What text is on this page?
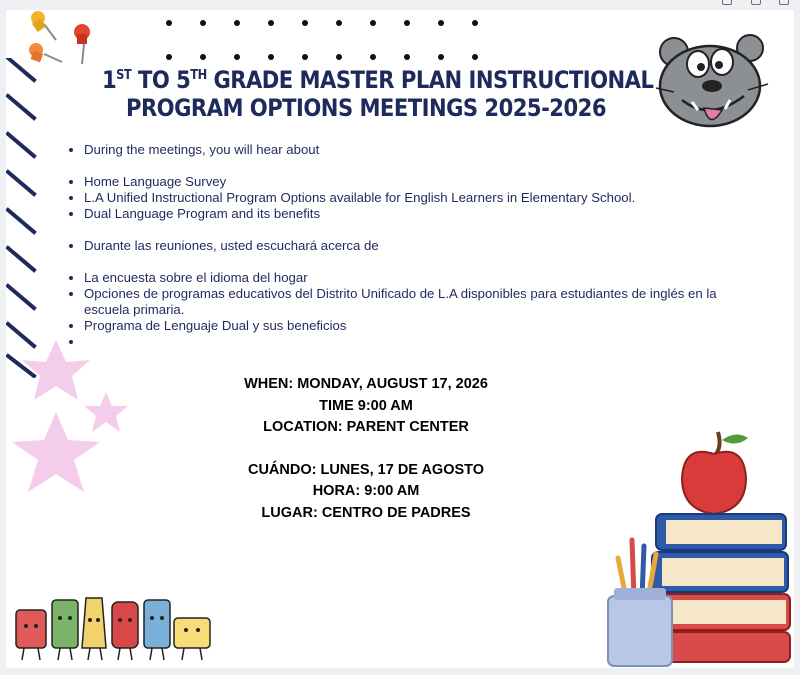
1ST TO 5TH GRADE MASTER PLAN INSTRUCTIONAL
PROGRAM OPTIONS MEETINGS 2025-2026
• During the meetings, you will hear about
• Home Language Survey
• L.A Unified Instructional Program Options available for English Learners in Elementary School.
• Dual Language Program and its benefits
• Durante las reuniones, usted escuchará acerca de
• La encuesta sobre el idioma del hogar
• Opciones de programas educativos del Distrito Unificado de L.A disponibles para estudiantes de inglés en la escuela primaria.
• Programa de Lenguaje Dual y sus beneficios
•
WHEN: MONDAY, AUGUST 17, 2026
TIME 9:00 AM
LOCATION: PARENT CENTER
CUÁNDO: LUNES, 17 DE AGOSTO
HORA: 9:00 AM
LUGAR: CENTRO DE PADRES
